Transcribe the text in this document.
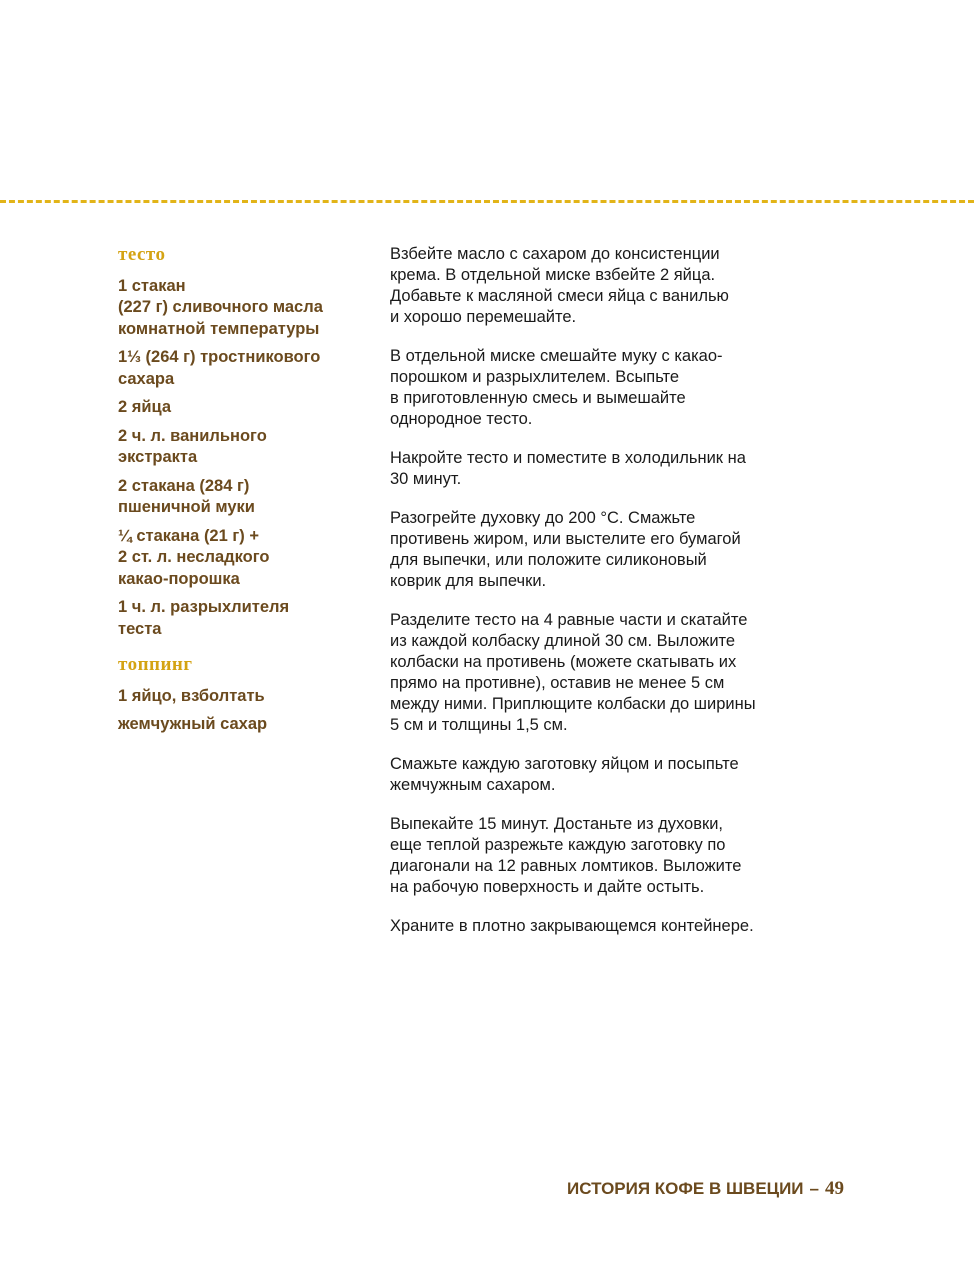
тесто
1 стакан
(227 г) сливочного масла
комнатной температуры
1⅓ (264 г) тростникового
сахара
2 яйца
2 ч. л. ванильного
экстракта
2 стакана (284 г)
пшеничной муки
¼ стакана (21 г) +
2 ст. л. несладкого
какао-порошка
1 ч. л. разрыхлителя
теста
топпинг
1 яйцо, взболтать
жемчужный сахар

Взбейте масло с сахаром до консистенции
крема. В отдельной миске взбейте 2 яйца.
Добавьте к масляной смеси яйца с ванилью
и хорошо перемешайте.

В отдельной миске смешайте муку с какао-
порошком и разрыхлителем. Всыпьте
в приготовленную смесь и вымешайте
однородное тесто.

Накройте тесто и поместите в холодильник на
30 минут.

Разогрейте духовку до 200 °С. Смажьте
противень жиром, или выстелите его бумагой
для выпечки, или положите силиконовый
коврик для выпечки.

Разделите тесто на 4 равные части и скатайте
из каждой колбаску длиной 30 см. Выложите
колбаски на противень (можете скатывать их
прямо на противне), оставив не менее 5 см
между ними. Приплющите колбаски до ширины
5 см и толщины 1,5 см.

Смажьте каждую заготовку яйцом и посыпьте
жемчужным сахаром.

Выпекайте 15 минут. Достаньте из духовки,
еще теплой разрежьте каждую заготовку по
диагонали на 12 равных ломтиков. Выложите
на рабочую поверхность и дайте остыть.

Храните в плотно закрывающемся контейнере.

ИСТОРИЯ КОФЕ В ШВЕЦИИ – 49
